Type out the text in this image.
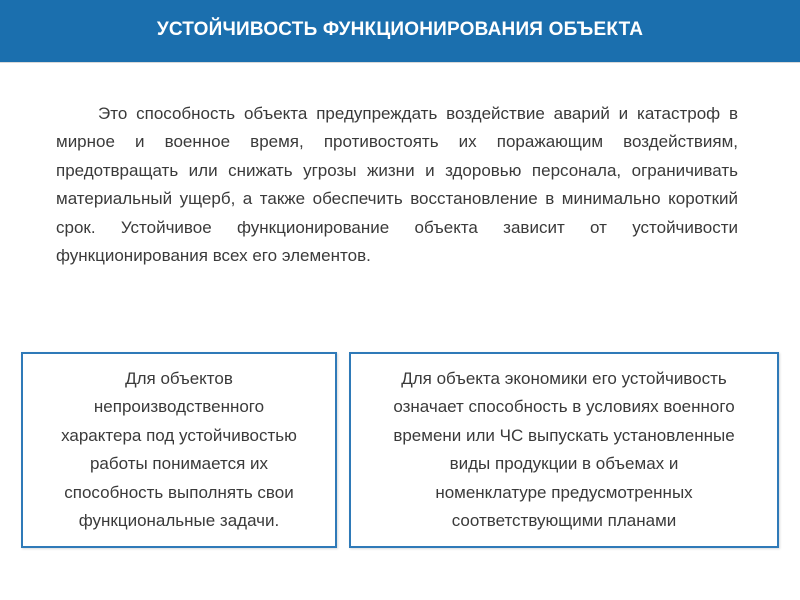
УСТОЙЧИВОСТЬ ФУНКЦИОНИРОВАНИЯ ОБЪЕКТА

Это способность объекта предупреждать воздействие аварий и катастроф в мирное и военное время, противостоять их поражающим воздействиям, предотвращать или снижать угрозы жизни и здоровью персонала, ограничивать материальный ущерб, а также обеспечить восстановление в минимально короткий срок. Устойчивое функционирование объекта зависит от устойчивости функционирования всех его элементов.

Для объектов
непроизводственного
характера под устойчивостью
работы понимается их
способность выполнять свои
функциональные задачи.

Для объекта экономики его устойчивость
означает способность в условиях военного
времени или ЧС выпускать установленные
виды продукции в объемах и
номенклатуре предусмотренных
соответствующими планами
